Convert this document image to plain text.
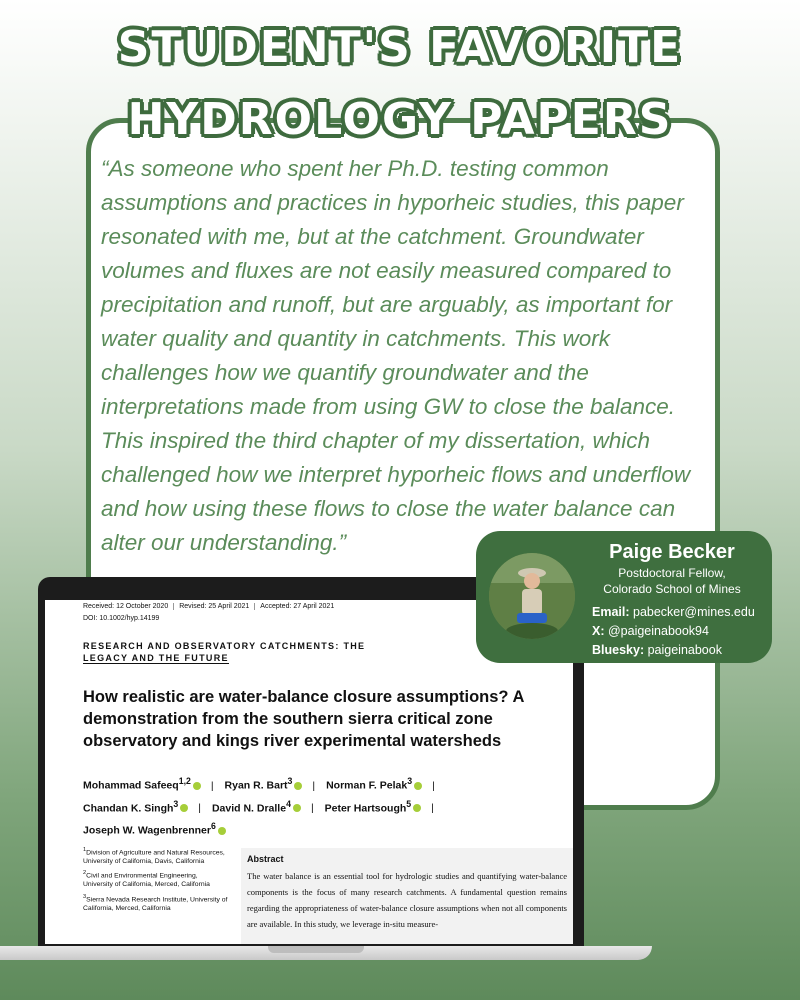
STUDENT'S FAVORITE
HYDROLOGY PAPERS

“As someone who spent her Ph.D. testing common
assumptions and practices in hyporheic studies, this paper
resonated with me, but at the catchment. Groundwater
volumes and fluxes are not easily measured compared to
precipitation and runoff, but are arguably, as important for
water quality and quantity in catchments. This work
challenges how we quantify groundwater and the
interpretations made from using GW to close the balance.
This inspired the third chapter of my dissertation, which
challenged how we interpret hyporheic flows and underflow
and how using these flows to close the water balance can
alter our understanding.”

Received: 12 October 2020	Revised: 25 April 2021	Accepted: 27 April 2021
DOI: 10.1002/hyp.14199
RESEARCH AND OBSERVATORY CATCHMENTS: THE
LEGACY AND THE FUTURE
How realistic are water-balance closure assumptions? A demonstration from the southern sierra critical zone observatory and kings river experimental watersheds
Mohammad Safeeq$^{1,2}$ | Ryan R. Bart$^3$ | Norman F. Pelak$^3$ |
Chandan K. Singh$^3$ | David N. Dralle$^4$ | Peter Hartsough$^5$ |
Joseph W. Wagenbrenner$^6$

$^1$Division of Agriculture and Natural Resources, University of California, Davis, California

$^2$Civil and Environmental Engineering, University of California, Merced, California

$^3$Sierra Nevada Research Institute, University of California, Merced, California

Abstract
The water balance is an essential tool for hydrologic studies and quantifying water-balance components is the focus of many research catchments. A fundamental question remains regarding the appropriateness of water-balance closure assumptions when not all components are available. In this study, we leverage in-situ measure-
Paige Becker
Postdoctoral Fellow,
Colorado School of Mines
Email: pabecker@mines.edu
X: @paigeinabook94
Bluesky: paigeinabook
